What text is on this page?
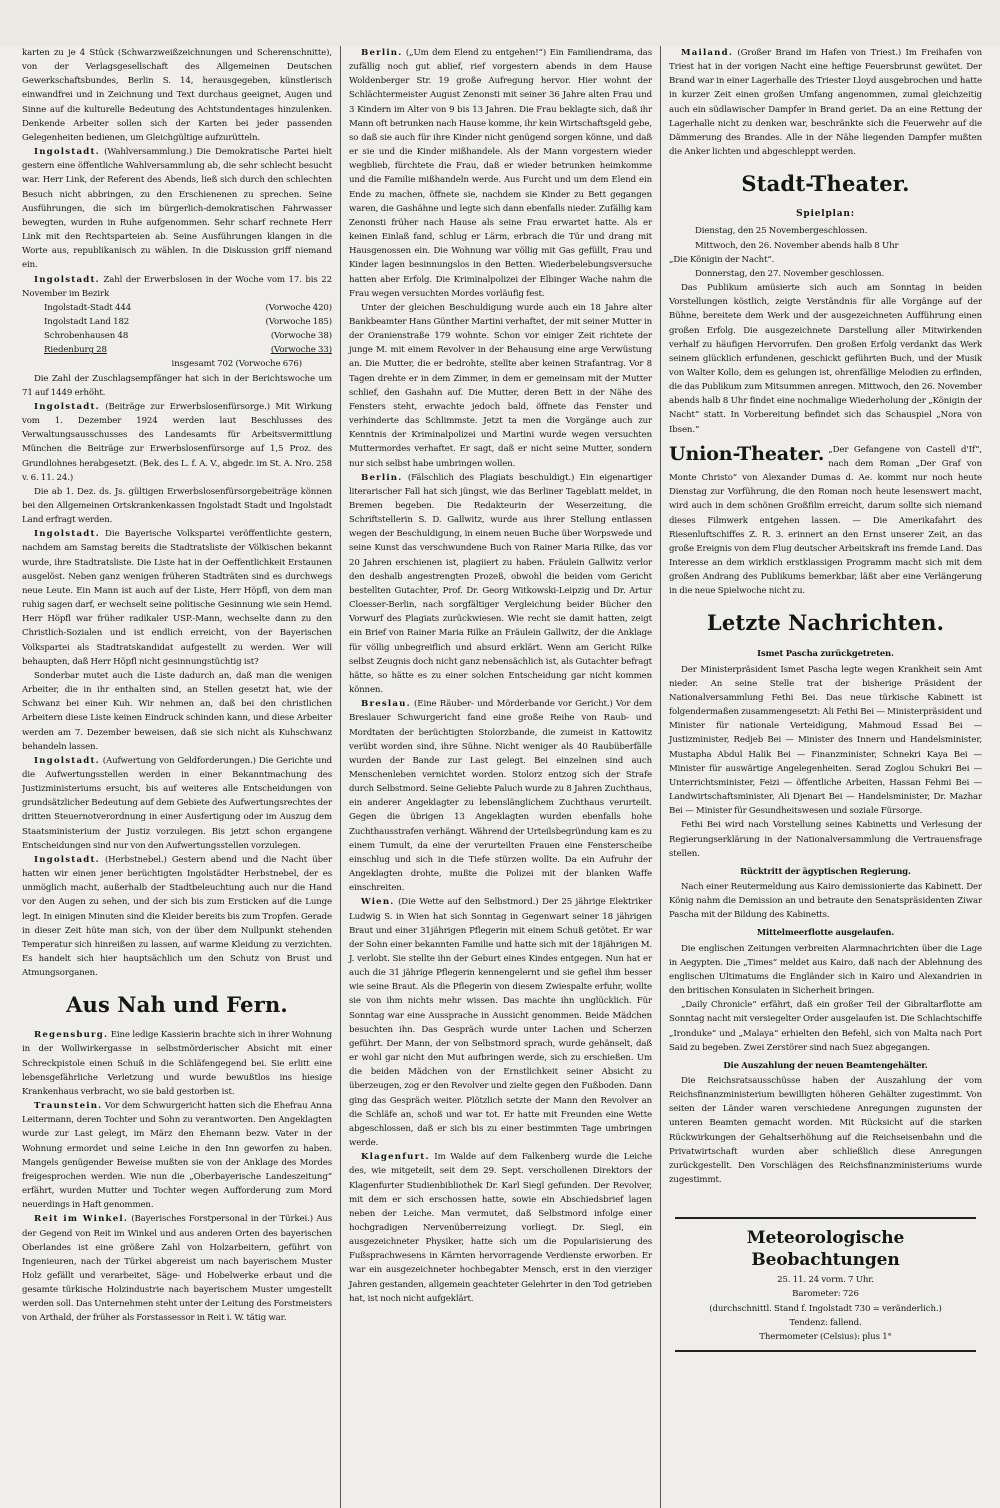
karten zu je 4 Stück (Schwarzweißzeichnungen und Scherenschnitte), von der Verlagsgesellschaft des Allgemeinen Deutschen Gewerkschaftsbundes, Berlin S. 14, herausgegeben, künstlerisch einwandfrei und in Zeichnung und Text durchaus geeignet, Augen und Sinne auf die kulturelle Bedeutung des Achtstundentages hinzulenken. Denkende Arbeiter sollen sich der Karten bei jeder passenden Gelegenheiten bedienen, um Gleichgültige aufzurütteln.

Ingolstadt. (Wahlversammlung.) Die Demokratische Partei hielt gestern eine öffentliche Wahlversammlung ab, die sehr schlecht besucht war. Herr Link, der Referent des Abends, ließ sich durch den schlechten Besuch nicht abbringen, zu den Erschienenen zu sprechen. Seine Ausführungen, die sich im bürgerlich-demokratischen Fahrwasser bewegten, wurden in Ruhe aufgenommen. Sehr scharf rechnete Herr Link mit den Rechtsparteien ab. Seine Ausführungen klangen in die Worte aus, republikanisch zu wählen. In die Diskussion griff niemand ein.

Ingolstadt. Zahl der Erwerbslosen in der Woche vom 17. bis 22 November im Bezirk

Ingolstadt-Stadt 444	(Vorwoche 420)
Ingolstadt Land 182	(Vorwoche 185)
Schrobenhausen 48	(Vorwoche 38)
Riedenburg 28	(Vorwoche 33)
insgesamt 702 (Vorwoche 676)

Die Zahl der Zuschlagsempfänger hat sich in der Berichtswoche um 71 auf 1449 erhöht.

Ingolstadt. (Beiträge zur Erwerbslosenfürsorge.) Mit Wirkung vom 1. Dezember 1924 werden laut Beschlusses des Verwaltungsausschusses des Landesamts für Arbeitsvermittlung München die Beiträge zur Erwerbslosenfürsorge auf 1,5 Proz. des Grundlohnes herabgesetzt. (Bek. des L. f. A. V., abgedr. im St. A. Nro. 258 v. 6. 11. 24.)

Die ab 1. Dez. ds. Js. gültigen Erwerbslosenfürsorgebeiträge können bei den Allgemeinen Ortskrankenkassen Ingolstadt Stadt und Ingolstadt Land erfragt werden.

Ingolstadt. Die Bayerische Volkspartei veröffentlichte gestern, nachdem am Samstag bereits die Stadtratsliste der Völkischen bekannt wurde, ihre Stadtratsliste. Die Liste hat in der Oeffentlichkeit Erstaunen ausgelöst. Neben ganz wenigen früheren Stadträten sind es durchwegs neue Leute. Ein Mann ist auch auf der Liste, Herr Höpfl, von dem man ruhig sagen darf, er wechselt seine politische Gesinnung wie sein Hemd. Herr Höpfl war früher radikaler USP.-Mann, wechselte dann zu den Christlich-Sozialen und ist endlich erreicht, von der Bayerischen Volkspartei als Stadtratskandidat aufgestellt zu werden. Wer will behaupten, daß Herr Höpfl nicht gesinnungstüchtig ist?

Sonderbar mutet auch die Liste dadurch an, daß man die wenigen Arbeiter, die in ihr enthalten sind, an Stellen gesetzt hat, wie der Schwanz bei einer Kuh. Wir nehmen an, daß bei den christlichen Arbeitern diese Liste keinen Eindruck schinden kann, und diese Arbeiter werden am 7. Dezember beweisen, daß sie sich nicht als Kuhschwanz behandeln lassen.

Ingolstadt. (Aufwertung von Geldforderungen.) Die Gerichte und die Aufwertungsstellen werden in einer Bekanntmachung des Justizministeriums ersucht, bis auf weiteres alle Entscheidungen von grundsätzlicher Bedeutung auf dem Gebiete des Aufwertungsrechtes der dritten Steuernotverordnung in einer Ausfertigung oder im Auszug dem Staatsministerium der Justiz vorzulegen. Bis jetzt schon ergangene Entscheidungen sind nur von den Aufwertungsstellen vorzulegen.

Ingolstadt. (Herbstnebel.) Gestern abend und die Nacht über hatten wir einen jener berüchtigten Ingolstädter Herbstnebel, der es unmöglich macht, außerhalb der Stadtbeleuchtung auch nur die Hand vor den Augen zu sehen, und der sich bis zum Ersticken auf die Lunge legt. In einigen Minuten sind die Kleider bereits bis zum Tropfen. Gerade in dieser Zeit hüte man sich, von der über dem Nullpunkt stehenden Temperatur sich hinreißen zu lassen, auf warme Kleidung zu verzichten. Es handelt sich hier hauptsächlich um den Schutz von Brust und Atmungsorganen.

Aus Nah und Fern.

Regensburg. Eine ledige Kassierin brachte sich in ihrer Wohnung in der Wollwirkergasse in selbstmörderischer Absicht mit einer Schreckpistole einen Schuß in die Schläfengegend bei. Sie erlitt eine lebensgefährliche Verletzung und wurde bewußtlos ins hiesige Krankenhaus verbracht, wo sie bald gestorben ist.

Traunstein. Vor dem Schwurgericht hatten sich die Ehefrau Anna Leitermann, deren Tochter und Sohn zu verantworten. Den Angeklagten wurde zur Last gelegt, im März den Ehemann bezw. Vater in der Wohnung ermordet und seine Leiche in den Inn geworfen zu haben. Mangels genügender Beweise mußten sie von der Anklage des Mordes freigesprochen werden. Wie nun die „Oberbayerische Landeszeitung“ erfährt, wurden Mutter und Tochter wegen Aufforderung zum Mord neuerdings in Haft genommen.

Reit im Winkel. (Bayerisches Forstpersonal in der Türkei.) Aus der Gegend von Reit im Winkel und aus anderen Orten des bayerischen Oberlandes ist eine größere Zahl von Holzarbeitern, geführt von Ingenieuren, nach der Türkei abgereist um nach bayerischem Muster Holz gefällt und verarbeitet, Säge- und Hobelwerke erbaut und die gesamte türkische Holzindustrie nach bayerischem Muster umgestellt werden soll. Das Unternehmen steht unter der Leitung des Forstmeisters von Arthald, der früher als Forstassessor in Reit i. W. tätig war.

Berlin. („Um dem Elend zu entgehen!“) Ein Familiendrama, das zufällig noch gut ablief, rief vorgestern abends in dem Hause Woldenberger Str. 19 große Aufregung hervor. Hier wohnt der Schlächtermeister August Zenonsti mit seiner 36 Jahre alten Frau und 3 Kindern im Alter von 9 bis 13 Jahren. Die Frau beklagte sich, daß ihr Mann oft betrunken nach Hause komme, ihr kein Wirtschaftsgeld gebe, so daß sie auch für ihre Kinder nicht genügend sorgen könne, und daß er sie und die Kinder mißhandele. Als der Mann vorgestern wieder wegblieb, fürchtete die Frau, daß er wieder betrunken heimkomme und die Familie mißhandeln werde. Aus Furcht und um dem Elend ein Ende zu machen, öffnete sie, nachdem sie Kinder zu Bett gegangen waren, die Gashähne und legte sich dann ebenfalls nieder. Zufällig kam Zenonsti früher nach Hause als seine Frau erwartet hatte. Als er keinen Einlaß fand, schlug er Lärm, erbrach die Tür und drang mit Hausgenossen ein. Die Wohnung war völlig mit Gas gefüllt, Frau und Kinder lagen besinnungslos in den Betten. Wiederbelebungsversuche hatten aber Erfolg. Die Kriminalpolizei der Elbinger Wache nahm die Frau wegen versuchten Mordes vorläufig fest.

Unter der gleichen Beschuldigung wurde auch ein 18 Jahre alter Bankbeamter Hans Günther Martini verhaftet, der mit seiner Mutter in der Oranienstraße 179 wohnte. Schon vor einiger Zeit richtete der junge M. mit einem Revolver in der Behausung eine arge Verwüstung an. Die Mutter, die er bedrohte, stellte aber keinen Strafantrag. Vor 8 Tagen drehte er in dem Zimmer, in dem er gemeinsam mit der Mutter schlief, den Gashahn auf. Die Mutter, deren Bett in der Nähe des Fensters steht, erwachte jedoch bald, öffnete das Fenster und verhinderte das Schlimmste. Jetzt ta men die Vorgänge auch zur Kenntnis der Kriminalpolizei und Martini wurde wegen versuchten Muttermordes verhaftet. Er sagt, daß er nicht seine Mutter, sondern nur sich selbst habe umbringen wollen.

Berlin. (Fälschlich des Plagiats beschuldigt.) Ein eigenartiger literarischer Fall hat sich jüngst, wie das Berliner Tageblatt meldet, in Bremen begeben. Die Redakteurin der Weserzeitung, die Schriftstellerin S. D. Gallwitz, wurde aus ihrer Stellung entlassen wegen der Beschuldigung, in einem neuen Buche über Worpswede und seine Kunst das verschwundene Buch von Rainer Maria Rilke, das vor 20 Jahren erschienen ist, plagiiert zu haben. Fräulein Gallwitz verlor den deshalb angestrengten Prozeß, obwohl die beiden vom Gericht bestellten Gutachter, Prof. Dr. Georg Witkowski-Leipzig und Dr. Artur Cloesser-Berlin, nach sorgfältiger Vergleichung beider Bücher den Vorwurf des Plagiats zurückwiesen. Wie recht sie damit hatten, zeigt ein Brief von Rainer Maria Rilke an Fräulein Gallwitz, der die Anklage für völlig unbegreiflich und absurd erklärt. Wenn am Gericht Rilke selbst Zeugnis doch nicht ganz nebensächlich ist, als Gutachter befragt hätte, so hätte es zu einer solchen Entscheidung gar nicht kommen können.

Breslau. (Eine Räuber- und Mörderbande vor Gericht.) Vor dem Breslauer Schwurgericht fand eine große Reihe von Raub- und Mordtaten der berüchtigten Stolorzbande, die zumeist in Kattowitz verübt worden sind, ihre Sühne. Nicht weniger als 40 Raubüberfälle wurden der Bande zur Last gelegt. Bei einzelnen sind auch Menschenleben vernichtet worden. Stolorz entzog sich der Strafe durch Selbstmord. Seine Geliebte Paluch wurde zu 8 Jahren Zuchthaus, ein anderer Angeklagter zu lebenslänglichem Zuchthaus verurteilt. Gegen die übrigen 13 Angeklagten wurden ebenfalls hohe Zuchthausstrafen verhängt. Während der Urteilsbegründung kam es zu einem Tumult, da eine der verurteilten Frauen eine Fensterscheibe einschlug und sich in die Tiefe stürzen wollte. Da ein Aufruhr der Angeklagten drohte, mußte die Polizei mit der blanken Waffe einschreiten.

Wien. (Die Wette auf den Selbstmord.) Der 25 jährige Elektriker Ludwig S. in Wien hat sich Sonntag in Gegenwart seiner 18 jährigen Braut und einer 31jährigen Pflegerin mit einem Schuß getötet. Er war der Sohn einer bekannten Familie und hatte sich mit der 18jährigen M. J. verlobt. Sie stellte ihn der Geburt eines Kindes entgegen. Nun hat er auch die 31 jährige Pflegerin kennengelernt und sie gefiel ihm besser wie seine Braut. Als die Pflegerin von diesem Zwiespalte erfuhr, wollte sie von ihm nichts mehr wissen. Das machte ihn unglücklich. Für Sonntag war eine Aussprache in Aussicht genommen. Beide Mädchen besuchten ihn. Das Gespräch wurde unter Lachen und Scherzen geführt. Der Mann, der von Selbstmord sprach, wurde gehänselt, daß er wohl gar nicht den Mut aufbringen werde, sich zu erschießen. Um die beiden Mädchen von der Ernstlichkeit seiner Absicht zu überzeugen, zog er den Revolver und zielte gegen den Fußboden. Dann ging das Gespräch weiter. Plötzlich setzte der Mann den Revolver an die Schläfe an, schoß und war tot. Er hatte mit Freunden eine Wette abgeschlossen, daß er sich bis zu einer bestimmten Tage umbringen werde.

Klagenfurt. Im Walde auf dem Falkenberg wurde die Leiche des, wie mitgeteilt, seit dem 29. Sept. verschollenen Direktors der Klagenfurter Studienbibliothek Dr. Karl Siegl gefunden. Der Revolver, mit dem er sich erschossen hatte, sowie ein Abschiedsbrief lagen neben der Leiche. Man vermutet, daß Selbstmord infolge einer hochgradigen Nervenüberreizung vorliegt. Dr. Siegl, ein ausgezeichneter Physiker, hatte sich um die Popularisierung des Fußsprachwesens in Kärnten hervorragende Verdienste erworben. Er war ein ausgezeichneter hochbegabter Mensch, erst in den vierziger Jahren gestanden, allgemein geachteter Gelehrter in den Tod getrieben hat, ist noch nicht aufgeklärt.

Mailand. (Großer Brand im Hafen von Triest.) Im Freihafen von Triest hat in der vorigen Nacht eine heftige Feuersbrunst gewütet. Der Brand war in einer Lagerhalle des Triester Lloyd ausgebrochen und hatte in kurzer Zeit einen großen Umfang angenommen, zumal gleichzeitig auch ein südlawischer Dampfer in Brand geriet. Da an eine Rettung der Lagerhalle nicht zu denken war, beschränkte sich die Feuerwehr auf die Dämmerung des Brandes. Alle in der Nähe liegenden Dampfer mußten die Anker lichten und abgeschleppt werden.

Stadt-Theater.
Spielplan:

Dienstag, den 25 Novembergeschlossen.

Mittwoch, den 26. November abends halb 8 Uhr

„Die Königin der Nacht“.

Donnerstag, den 27. November geschlossen.

Das Publikum amüsierte sich auch am Sonntag in beiden Vorstellungen köstlich, zeigte Verständnis für alle Vorgänge auf der Bühne, bereitete dem Werk und der ausgezeichneten Aufführung einen großen Erfolg. Die ausgezeichnete Darstellung aller Mitwirkenden verhalf zu häufigen Hervorrufen. Den großen Erfolg verdankt das Werk seinem glücklich erfundenen, geschickt geführten Buch, und der Musik von Walter Kollo, dem es gelungen ist, ohrenfällige Melodien zu erfinden, die das Publikum zum Mitsummen anregen. Mittwoch, den 26. November abends halb 8 Uhr findet eine nochmalige Wiederholung der „Königin der Nacht“ statt. In Vorbereitung befindet sich das Schauspiel „Nora von Ibsen.“

Union-Theater. „Der Gefangene von Castell d'If“, nach dem Roman „Der Graf von Monte Christo“ von Alexander Dumas d. Ae. kommt nur noch heute Dienstag zur Vorführung, die den Roman noch heute lesenswert macht, wird auch in dem schönen Großfilm erreicht, darum sollte sich niemand dieses Filmwerk entgehen lassen. — Die Amerikafahrt des Riesenluftschiffes Z. R. 3. erinnert an den Ernst unserer Zeit, an das große Ereignis von dem Flug deutscher Arbeitskraft ins fremde Land. Das Interesse an dem wirklich erstklassigen Programm macht sich mit dem großen Andrang des Publikums bemerkbar, läßt aber eine Verlängerung in die neue Spielwoche nicht zu.

Letzte Nachrichten.
Ismet Pascha zurückgetreten.

Der Ministerpräsident Ismet Pascha legte wegen Krankheit sein Amt nieder. An seine Stelle trat der bisherige Präsident der Nationalversammlung Fethi Bei. Das neue türkische Kabinett ist folgendermaßen zusammengesetzt: Ali Fethi Bei — Ministerpräsident und Minister für nationale Verteidigung, Mahmoud Essad Bei — Justizminister, Redjeb Bei — Minister des Innern und Handelsminister, Mustapha Abdul Halik Bei — Finanzminister, Schnekri Kaya Bei — Minister für auswärtige Angelegenheiten. Serad Zoglou Schukri Bei — Unterrichtsminister, Feizi — öffentliche Arbeiten, Hassan Fehmi Bei — Landwirtschaftsminister, Ali Djenart Bei — Handelsminister, Dr. Mazhar Bei — Minister für Gesundheitswesen und soziale Fürsorge.

Fethi Bei wird nach Vorstellung seines Kabinetts und Verlesung der Regierungserklärung in der Nationalversammlung die Vertrauensfrage stellen.

Rücktritt der ägyptischen Regierung.

Nach einer Reutermeldung aus Kairo demissionierte das Kabinett. Der König nahm die Demission an und betraute den Senatspräsidenten Ziwar Pascha mit der Bildung des Kabinetts.

Mittelmeerflotte ausgelaufen.

Die englischen Zeitungen verbreiten Alarmnachrichten über die Lage in Aegypten. Die „Times“ meldet aus Kairo, daß nach der Ablehnung des englischen Ultimatums die Engländer sich in Kairo und Alexandrien in den britischen Konsulaten in Sicherheit bringen.

„Daily Chronicle“ erfährt, daß ein großer Teil der Gibraltarflotte am Sonntag nacht mit versiegelter Order ausgelaufen ist. Die Schlachtschiffe „Ironduke“ und „Malaya“ erhielten den Befehl, sich von Malta nach Port Said zu begeben. Zwei Zerstörer sind nach Suez abgegangen.

Die Auszahlung der neuen Beamtengehälter.

Die Reichsratsausschüsse haben der Auszahlung der vom Reichsfinanzministerium bewilligten höheren Gehälter zugestimmt. Von seiten der Länder waren verschiedene Anregungen zugunsten der unteren Beamten gemacht worden. Mit Rücksicht auf die starken Rückwirkungen der Gehaltserhöhung auf die Reichseisenbahn und die Privatwirtschaft wurden aber schließlich diese Anregungen zurückgestellt. Den Vorschlägen des Reichsfinanzministeriums wurde zugestimmt.

Meteorologische Beobachtungen

25. 11. 24 vorm. 7 Uhr.

Barometer: 726

(durchschnittl. Stand f. Ingolstadt 730 = veränderlich.)

Tendenz: fallend.

Thermometer (Celsius): plus 1°
